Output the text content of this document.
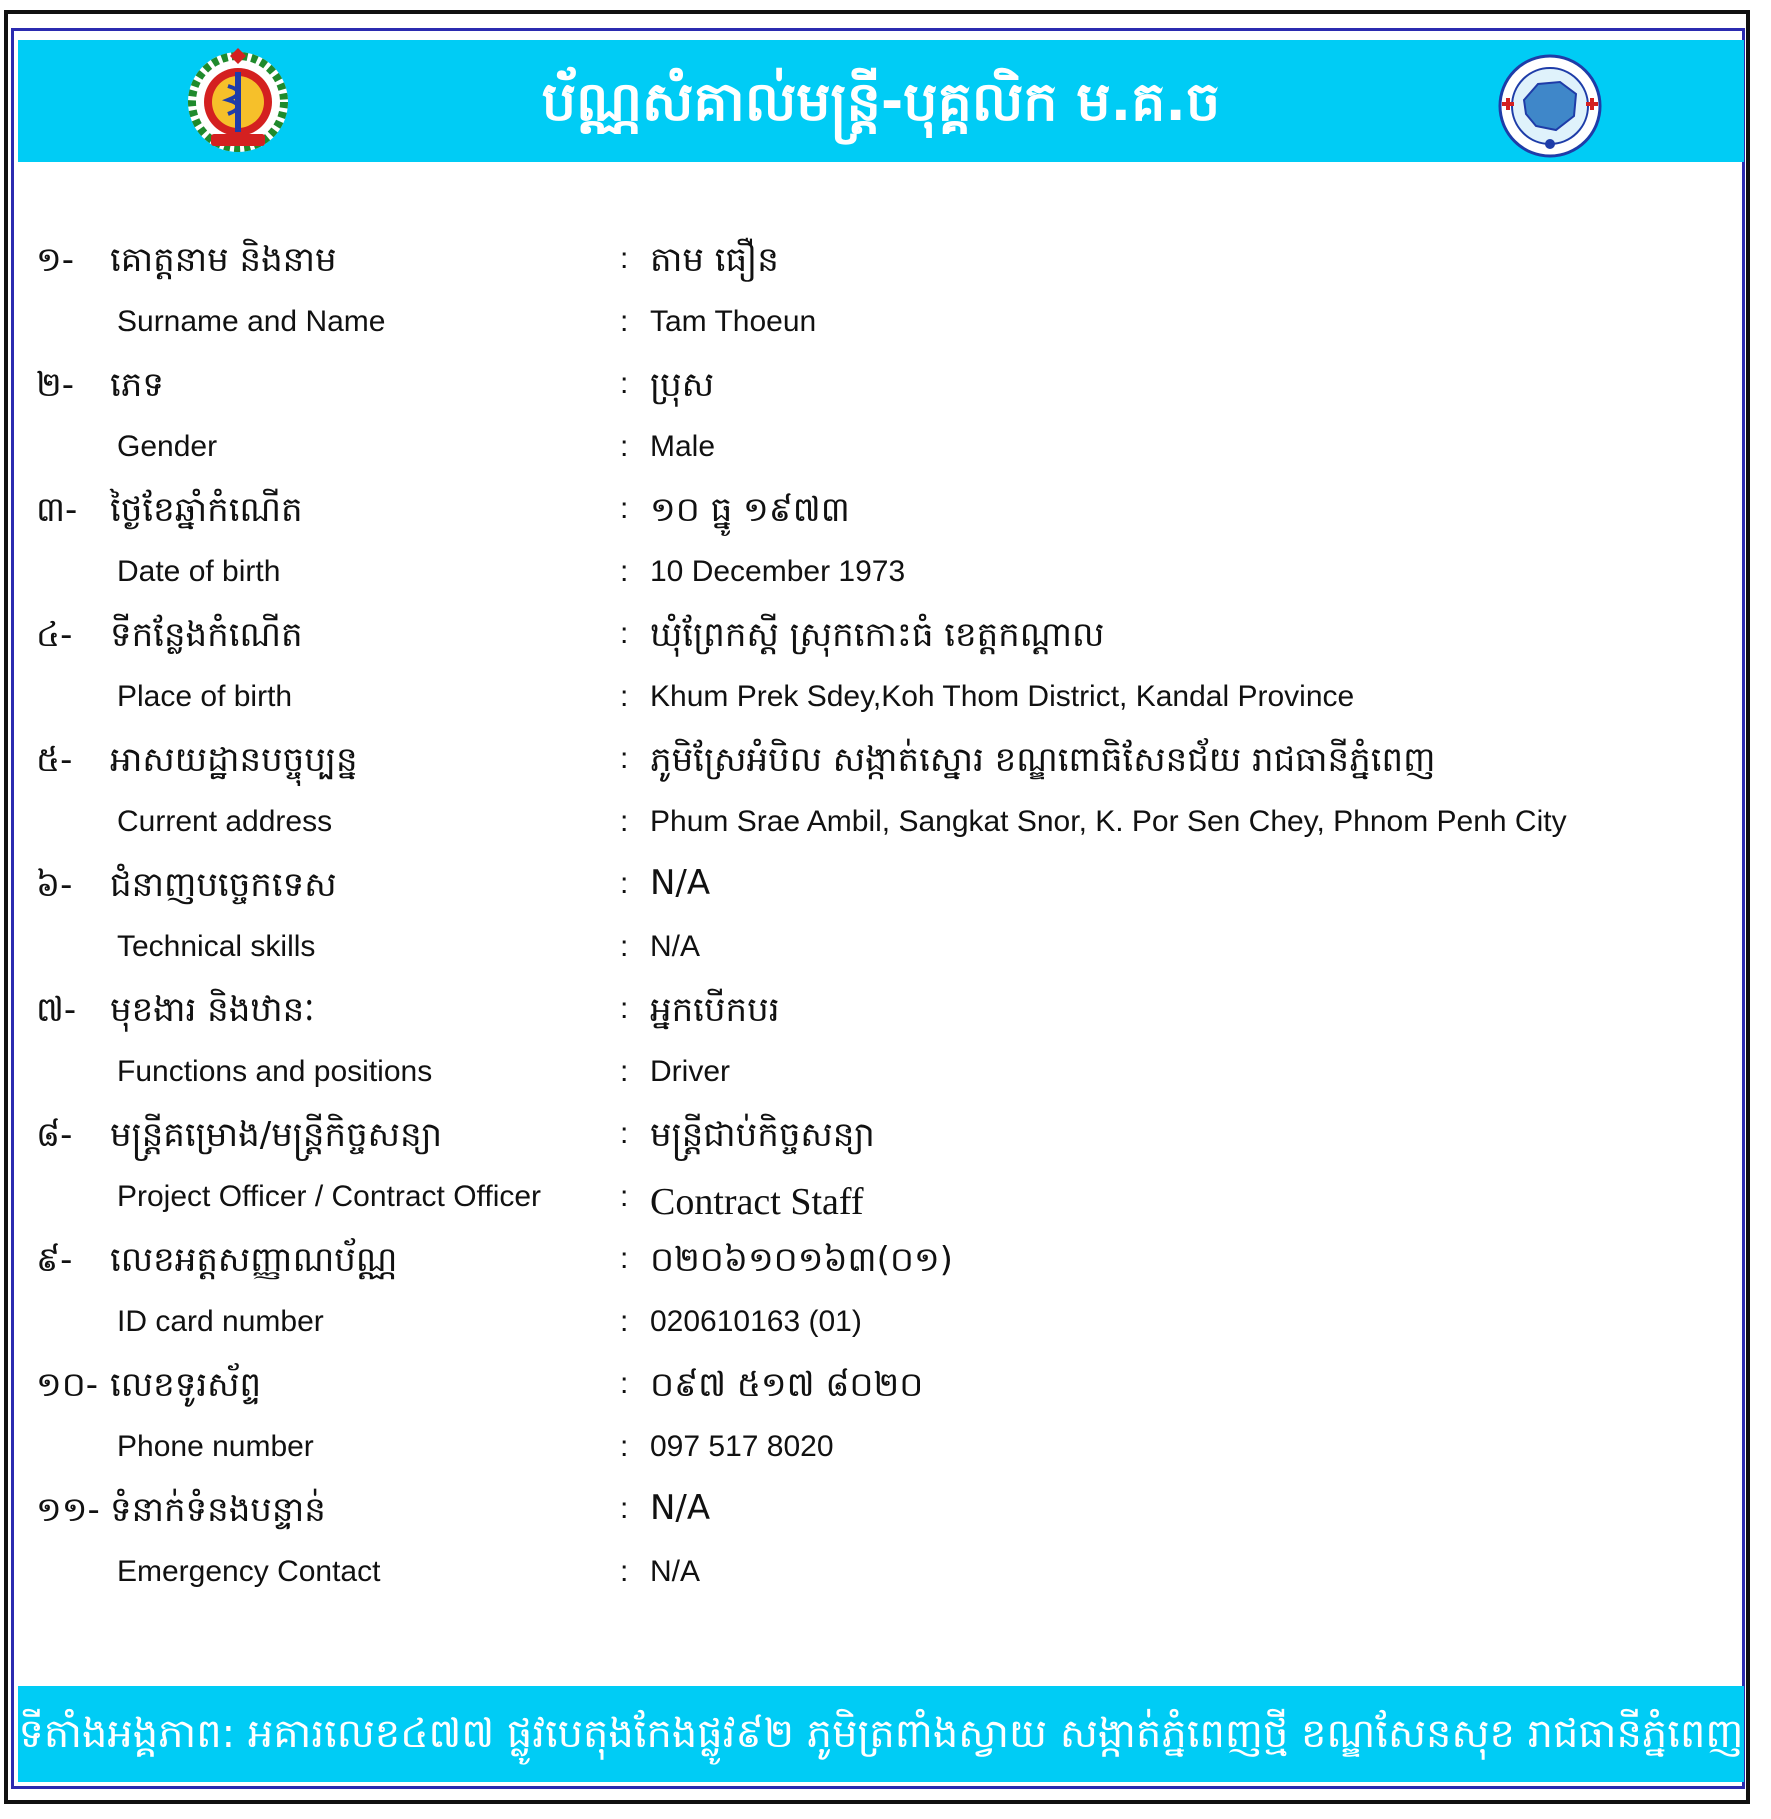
ប័ណ្ណសំគាល់មន្ត្រី-បុគ្គលិក ម.គ.ច
១- គោត្តនាម និងនាម	: តាម ធឿន
Surname and Name	: Tam Thoeun
២- ភេទ	: ប្រុស
Gender	: Male
៣- ថ្ងៃខែឆ្នាំកំណើត	: ១០ ធ្នូ ១៩៧៣
Date of birth	: 10 December 1973
៤- ទីកន្លែងកំណើត	: ឃុំព្រែកស្ដី ស្រុកកោះធំ ខេត្តកណ្ដាល
Place of birth	: Khum Prek Sdey,Koh Thom District, Kandal Province
៥- អាសយដ្ឋានបច្ចុប្បន្ន	: ភូមិស្រែអំបិល សង្កាត់ស្នោរ ខណ្ឌពោធិសែនជ័យ រាជធានីភ្នំពេញ
Current address	: Phum Srae Ambil, Sangkat Snor, K. Por Sen Chey, Phnom Penh City
៦- ជំនាញបច្ចេកទេស	: N/A
Technical skills	: N/A
៧- មុខងារ និងឋានៈ	: អ្នកបើកបរ
Functions and positions	: Driver
៨- មន្ត្រីគម្រោង/មន្ត្រីកិច្ចសន្យា	: មន្ត្រីជាប់កិច្ចសន្យា
Project Officer / Contract Officer	: Contract Staff
៩- លេខអត្តសញ្ញាណប័ណ្ណ	: ០២០៦១០១៦៣(០១)
ID card number	: 020610163 (01)
១០- លេខទូរស័ព្ទ	: ០៩៧ ៥១៧ ៨០២០
Phone number	: 097 517 8020
១១- ទំនាក់ទំនងបន្ទាន់	: N/A
Emergency Contact	: N/A
ទីតាំងអង្គភាព: អគារលេខ៤៧៧ ផ្លូវបេតុងកែងផ្លូវ៩២ ភូមិត្រពាំងស្វាយ សង្កាត់ភ្នំពេញថ្មី ខណ្ឌសែនសុខ រាជធានីភ្នំពេញ
